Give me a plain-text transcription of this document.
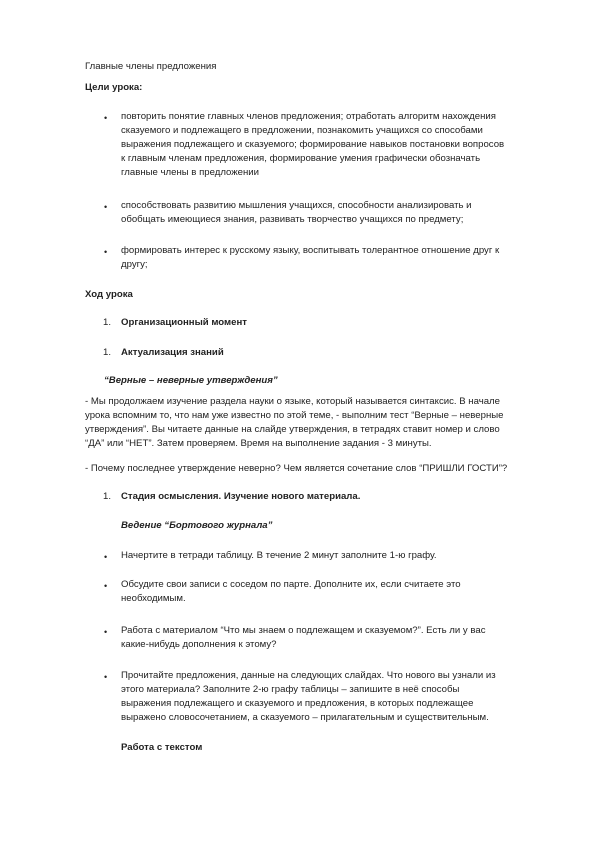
Главные члены предложения
Цели урока:
• повторить понятие главных членов предложения; отработать алгоритм нахождения
сказуемого и подлежащего в предложении, познакомить учащихся со способами
выражения подлежащего и сказуемого; формирование навыков постановки вопросов
к главным членам предложения, формирование умения графически обозначать
главные члены в предложении
• способствовать развитию мышления учащихся, способности анализировать и
обобщать имеющиеся знания, развивать творчество учащихся по предмету;
• формировать интерес к русскому языку, воспитывать толерантное отношение друг к
другу;
Ход урока
1. Организационный момент
1. Актуализация знаний
“Верные – неверные утверждения”
- Мы продолжаем изучение раздела науки о языке, который называется синтаксис. В начале
урока вспомним то, что нам уже известно по этой теме, - выполним тест “Верные – неверные
утверждения”. Вы читаете данные на слайде утверждения, в тетрадях ставит номер и слово
“ДА” или “НЕТ”. Затем проверяем. Время на выполнение задания - 3 минуты.
- Почему последнее утверждение неверно? Чем является сочетание слов “ПРИШЛИ ГОСТИ”?
1. Стадия осмысления. Изучение нового материала.
Ведение “Бортового журнала”
• Начертите в тетради таблицу. В течение 2 минут заполните 1-ю графу.
• Обсудите свои записи с соседом по парте. Дополните их, если считаете это
необходимым.
• Работа с материалом “Что мы знаем о подлежащем и сказуемом?”. Есть ли у вас
какие-нибудь дополнения к этому?
• Прочитайте предложения, данные на следующих слайдах. Что нового вы узнали из
этого материала? Заполните 2-ю графу таблицы – запишите в неё способы
выражения подлежащего и сказуемого и предложения, в которых подлежащее
выражено словосочетанием, а сказуемого – прилагательным и существительным.
Работа с текстом
